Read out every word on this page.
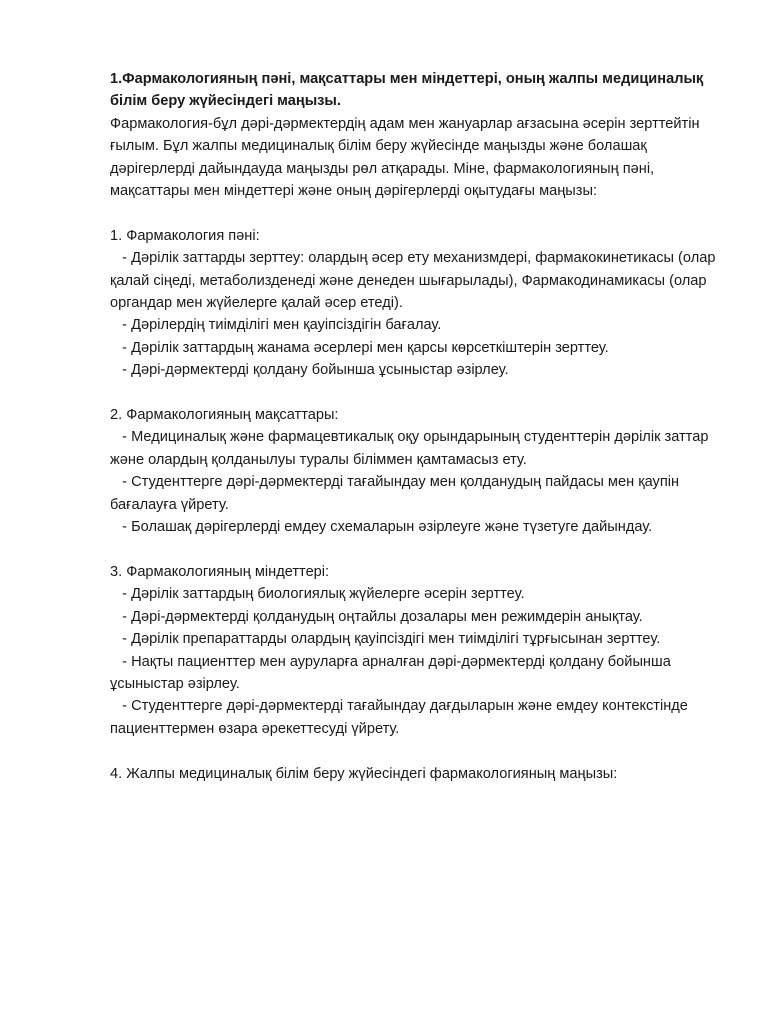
1.Фармакологияның пәні, мақсаттары мен міндеттері, оның жалпы медициналық білім беру жүйесіндегі маңызы.

Фармакология-бұл дәрі-дәрмектердің адам мен жануарлар ағзасына әсерін зерттейтін ғылым. Бұл жалпы медициналық білім беру жүйесінде маңызды және болашақ дәрігерлерді дайындауда маңызды рөл атқарады. Міне, фармакологияның пәні, мақсаттары мен міндеттері және оның дәрігерлерді оқытудағы маңызы:

1. Фармакология пәні:

- Дәрілік заттарды зерттеу: олардың әсер ету механизмдері, фармакокинетикасы (олар қалай сіңеді, метаболизденеді және денеден шығарылады), Фармакодинамикасы (олар органдар мен жүйелерге қалай әсер етеді).

- Дәрілердің тиімділігі мен қауіпсіздігін бағалау.

- Дәрілік заттардың жанама әсерлері мен қарсы көрсеткіштерін зерттеу.

- Дәрі-дәрмектерді қолдану бойынша ұсыныстар әзірлеу.

2. Фармакологияның мақсаттары:

- Медициналық және фармацевтикалық оқу орындарының студенттерін дәрілік заттар және олардың қолданылуы туралы біліммен қамтамасыз ету.

- Студенттерге дәрі-дәрмектерді тағайындау мен қолданудың пайдасы мен қаупін бағалауға үйрету.

- Болашақ дәрігерлерді емдеу схемаларын әзірлеуге және түзетуге дайындау.

3. Фармакологияның міндеттері:

- Дәрілік заттардың биологиялық жүйелерге әсерін зерттеу.

- Дәрі-дәрмектерді қолданудың оңтайлы дозалары мен режимдерін анықтау.

- Дәрілік препараттарды олардың қауіпсіздігі мен тиімділігі тұрғысынан зерттеу.

- Нақты пациенттер мен ауруларға арналған дәрі-дәрмектерді қолдану бойынша ұсыныстар әзірлеу.

- Студенттерге дәрі-дәрмектерді тағайындау дағдыларын және емдеу контекстінде пациенттермен өзара әрекеттесуді үйрету.

4. Жалпы медициналық білім беру жүйесіндегі фармакологияның маңызы:
